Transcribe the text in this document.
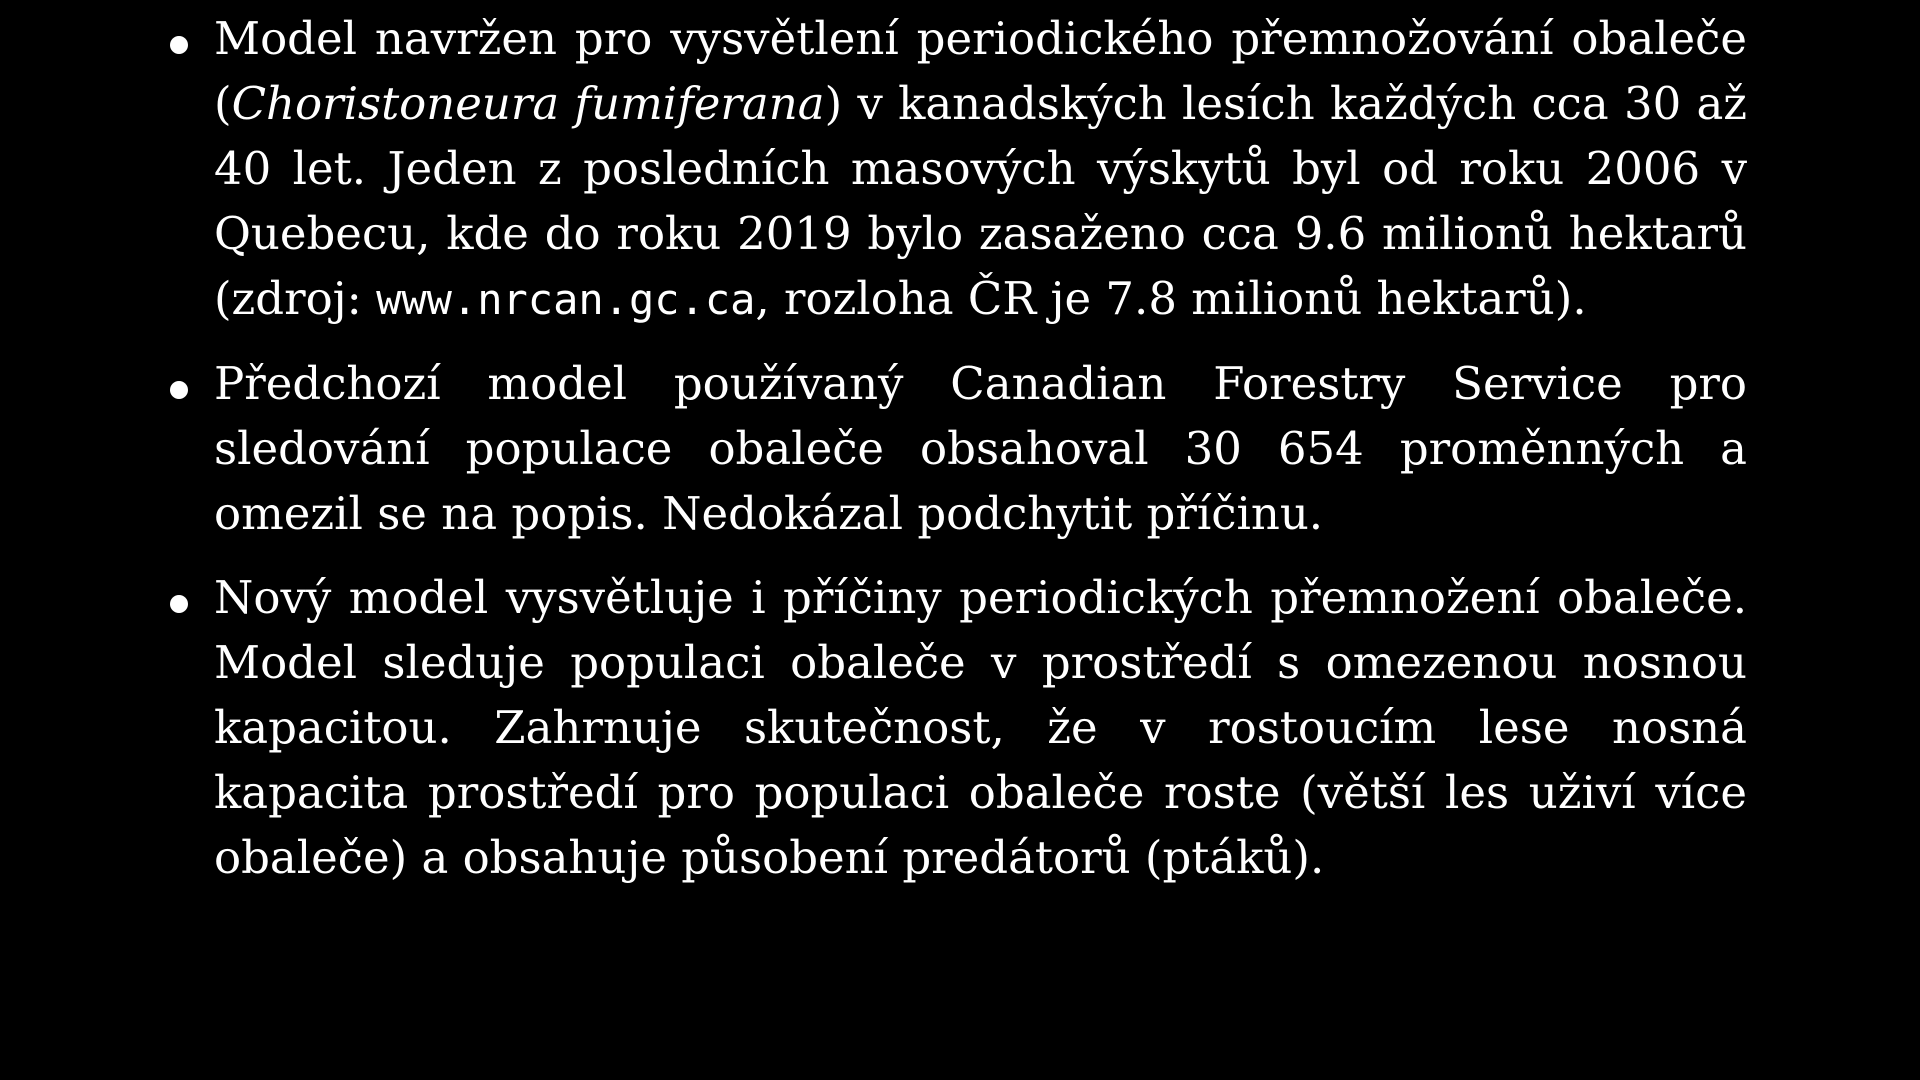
Model navržen pro vysvětlení periodického přemnožování obaleče (Choristoneura fumiferana) v kanadských lesích každých cca 30 až 40 let. Jeden z posledních masových výskytů byl od roku 2006 v Quebecu, kde do roku 2019 bylo zasaženo cca 9.6 milionů hektarů (zdroj: www.nrcan.gc.ca, rozloha ČR je 7.8 milionů hektarů).
Předchozí model používaný Canadian Forestry Service pro sledování populace obaleče obsahoval 30 654 proměnných a omezil se na popis. Nedokázal podchytit příčinu.
Nový model vysvětluje i příčiny periodických přemnožení obaleče. Model sleduje populaci obaleče v prostředí s omezenou nosnou kapacitou. Zahrnuje skutečnost, že v rostoucím lese nosná kapacita prostředí pro populaci obaleče roste (větší les uživí více obaleče) a obsahuje působení predátorů (ptáků).
